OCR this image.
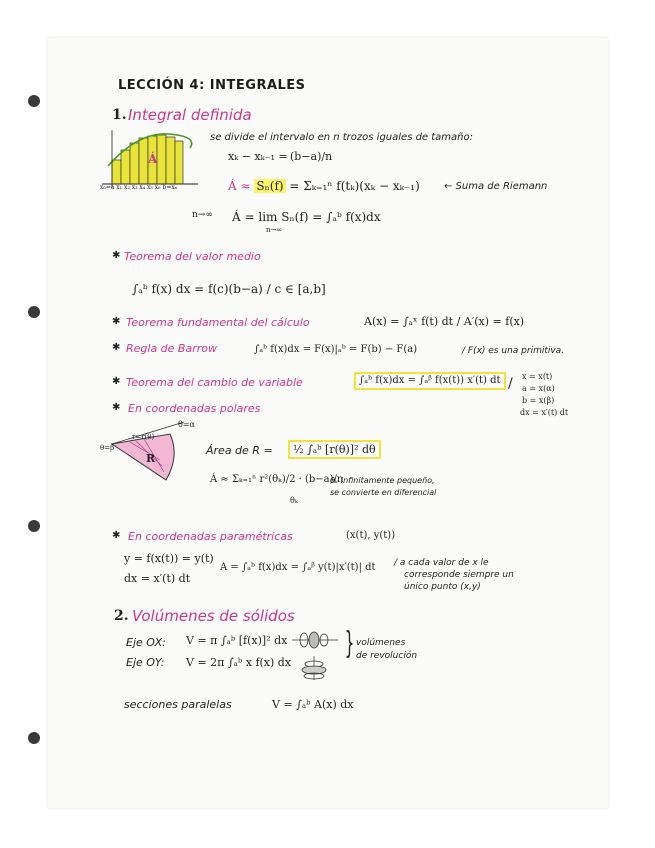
LECCIÓN 4: INTEGRALES
1. Integral definida
Á
x₀=a x₁ x₂ x₃ x₄ x₅ x₆ b=xₙ
se divide el intervalo en n trozos iguales de tamaño:
xₖ − xₖ₋₁ = (b−a)/n
Á ≈ Sₙ(f) = Σₖ₌₁ⁿ f(tₖ)(xₖ − xₖ₋₁) ← Suma de Riemann
n→∞ Á = lim Sₙ(f) = ∫ₐᵇ f(x)dx
n→∞
✱ Teorema del valor medio
∫ₐᵇ f(x) dx = f(c)(b−a) / c ∈ [a,b]
✱ Teorema fundamental del cálculo	A(x) = ∫ₐˣ f(t) dt / A′(x) = f(x)
✱ Regla de Barrow	∫ₐᵇ f(x)dx = F(x)|ₐᵇ = F(b) − F(a)	/ F(x) es una primitiva.
✱ Teorema del cambio de variable	∫ₐᵇ f(x)dx = ∫ₐᵝ f(x(t)) x′(t) dt / x = x(t)
a = x(α)
b = x(β)
dx = x′(t) dt
✱ En coordenadas polares
θ=α
r=r(θ)
θ=β
R
Área de R = ½ ∫ₐᵇ [r(θ)]² dθ
Á ≈ Σₖ₌₁ⁿ r²(θₖ)/2 · (b−a)/n
θₖ
θₖ infinitamente pequeño,
se convierte en diferencial
✱ En coordenadas paramétricas	(x(t), y(t))
y = f(x(t)) = y(t)
dx = x′(t) dt
A = ∫ₐᵇ f(x)dx = ∫ₐᵝ y(t)|x′(t)| dt / a cada valor de x le
corresponde siempre un
único punto (x,y)
2. Volúmenes de sólidos
Eje OX: V = π ∫ₐᵇ [f(x)]² dx
Eje OY: V = 2π ∫ₐᵇ x f(x) dx
} volúmenes
de revolución
secciones paralelas	V = ∫ₐᵇ A(x) dx
